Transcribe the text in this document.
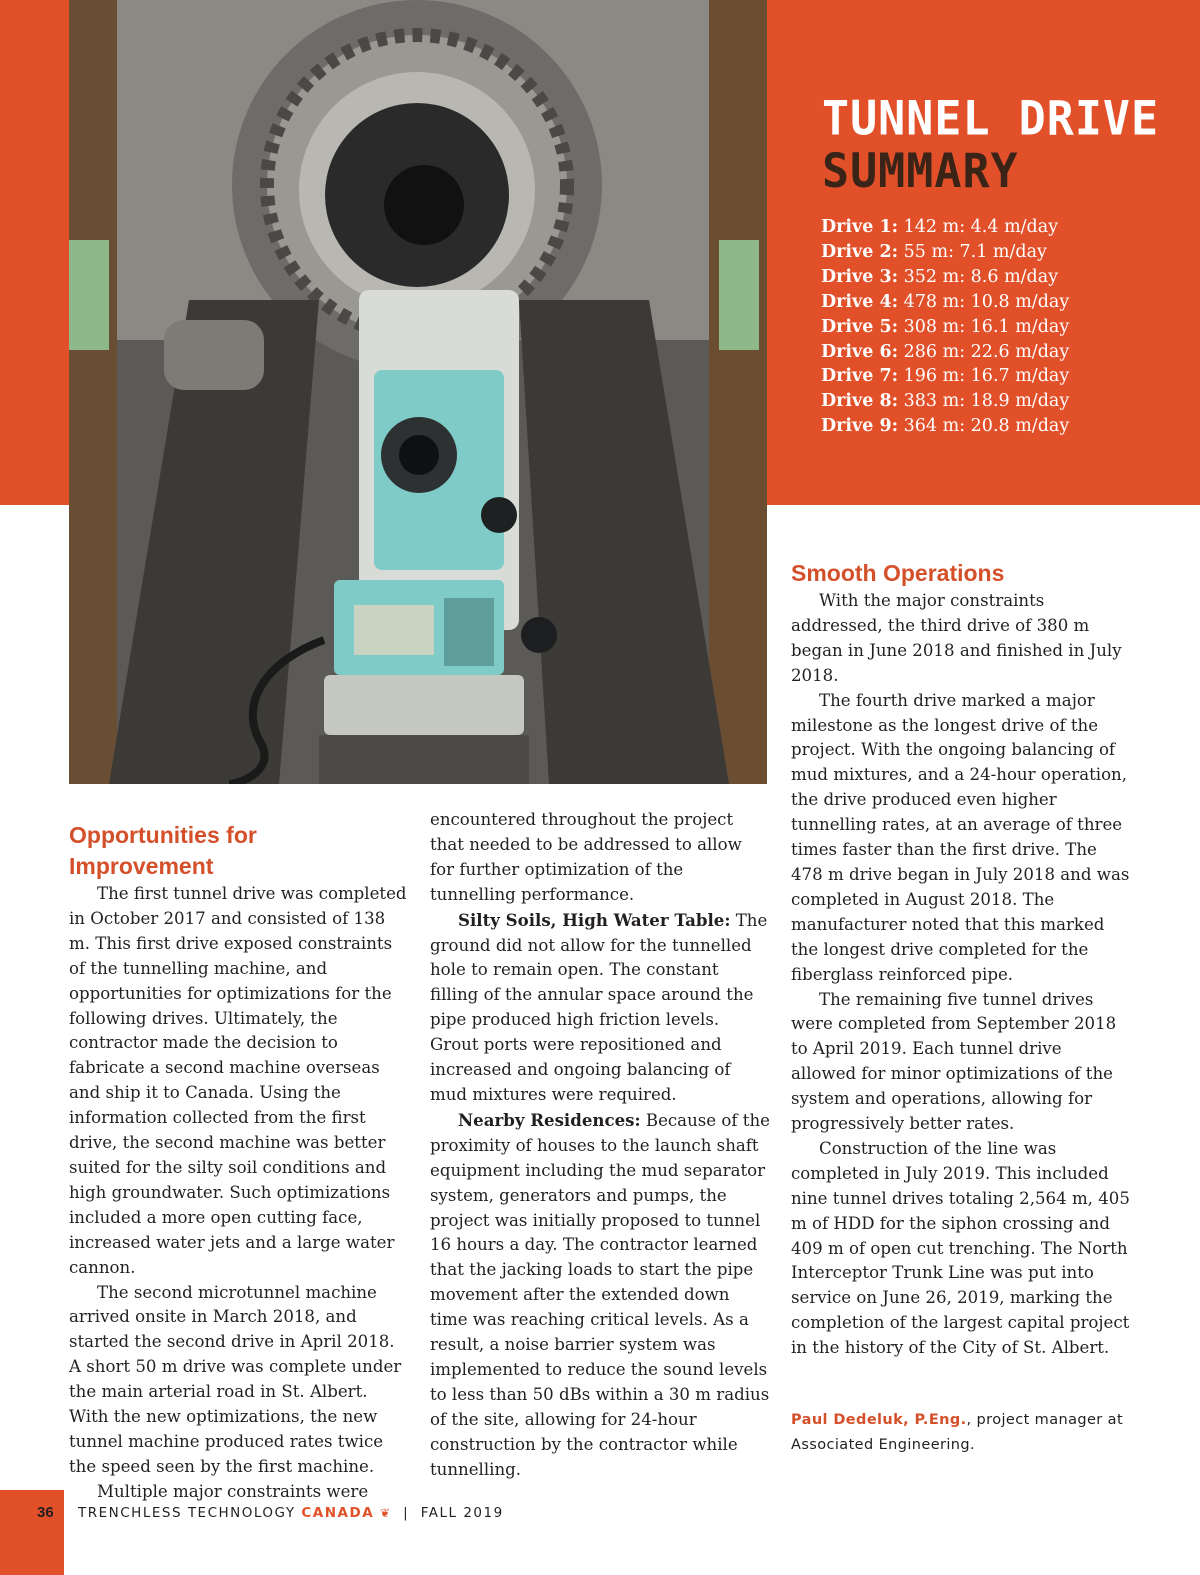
TUNNEL DRIVE
SUMMARY
Drive 1: 142 m: 4.4 m/day
Drive 2: 55 m: 7.1 m/day
Drive 3: 352 m: 8.6 m/day
Drive 4: 478 m: 10.8 m/day
Drive 5: 308 m: 16.1 m/day
Drive 6: 286 m: 22.6 m/day
Drive 7: 196 m: 16.7 m/day
Drive 8: 383 m: 18.9 m/day
Drive 9: 364 m: 20.8 m/day
Opportunities for
Improvement

The first tunnel drive was completed in October 2017 and consisted of 138 m. This first drive exposed constraints of the tunnelling machine, and opportunities for optimizations for the following drives. Ultimately, the contractor made the decision to fabricate a second machine overseas and ship it to Canada. Using the information collected from the first drive, the second machine was better suited for the silty soil conditions and high groundwater. Such optimizations included a more open cutting face, increased water jets and a large water cannon.

The second microtunnel machine arrived onsite in March 2018, and started the second drive in April 2018. A short 50 m drive was complete under the main arterial road in St. Albert. With the new optimizations, the new tunnel machine produced rates twice the speed seen by the first machine.

Multiple major constraints were

encountered throughout the project that needed to be addressed to allow for further optimization of the tunnelling performance.

Silty Soils, High Water Table: The ground did not allow for the tunnelled hole to remain open. The constant filling of the annular space around the pipe produced high friction levels. Grout ports were repositioned and increased and ongoing balancing of mud mixtures were required.

Nearby Residences: Because of the proximity of houses to the launch shaft equipment including the mud separator system, generators and pumps, the project was initially proposed to tunnel 16 hours a day. The contractor learned that the jacking loads to start the pipe movement after the extended down time was reaching critical levels. As a result, a noise barrier system was implemented to reduce the sound levels to less than 50 dBs within a 30 m radius of the site, allowing for 24-hour construction by the contractor while tunnelling.

Smooth Operations

With the major constraints addressed, the third drive of 380 m began in June 2018 and finished in July 2018.

The fourth drive marked a major milestone as the longest drive of the project. With the ongoing balancing of mud mixtures, and a 24-hour operation, the drive produced even higher tunnelling rates, at an average of three times faster than the first drive. The 478 m drive began in July 2018 and was completed in August 2018. The manufacturer noted that this marked the longest drive completed for the fiberglass reinforced pipe.

The remaining five tunnel drives were completed from September 2018 to April 2019. Each tunnel drive allowed for minor optimizations of the system and operations, allowing for progressively better rates.

Construction of the line was completed in July 2019. This included nine tunnel drives totaling 2,564 m, 405 m of HDD for the siphon crossing and 409 m of open cut trenching. The North Interceptor Trunk Line was put into service on June 26, 2019, marking the completion of the largest capital project in the history of the City of St. Albert.

Paul Dedeluk, P.Eng., project manager at Associated Engineering.
36 TRENCHLESS TECHNOLOGY CANADA ❦  |  FALL 2019
